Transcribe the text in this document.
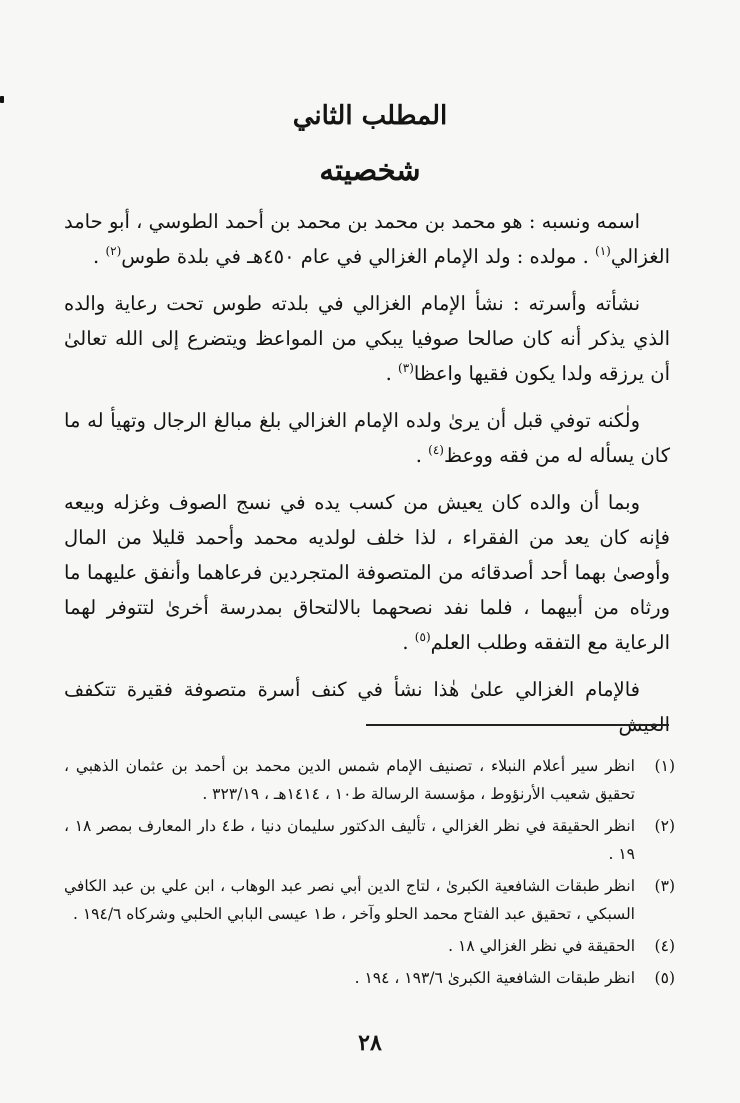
المطلب الثاني
شخصيته

اسمه ونسبه : هو محمد بن محمد بن محمد بن أحمد الطوسي ، أبو حامد الغزالي$^{(١)}$ . مولده : ولد الإمام الغزالي في عام ٤٥٠هـ في بلدة طوس$^{(٢)}$ .

نشأته وأسرته : نشأ الإمام الغزالي في بلدته طوس تحت رعاية والده الذي يذكر أنه كان صالحا صوفيا يبكي من المواعظ ويتضرع إلى الله تعالىٰ أن يرزقه ولدا يكون فقيها واعظا$^{(٣)}$ .

ولٰكنه توفي قبل أن يرىٰ ولده الإمام الغزالي بلغ مبالغ الرجال وتهيأ له ما كان يسأله له من فقه ووعظ$^{(٤)}$ .

وبما أن والده كان يعيش من كسب يده في نسج الصوف وغزله وبيعه فإنه كان يعد من الفقراء ، لذا خلف لولديه محمد وأحمد قليلا من المال وأوصىٰ بهما أحد أصدقائه من المتصوفة المتجردين فرعاهما وأنفق عليهما ما ورثاه من أبيهما ، فلما نفد نصحهما بالالتحاق بمدرسة أخرىٰ لتتوفر لهما الرعاية مع التفقه وطلب العلم$^{(٥)}$ .

فالإمام الغزالي علىٰ هٰذا نشأ في كنف أسرة متصوفة فقيرة تتكفف العيش

(١)
انظر سير أعلام النبلاء ، تصنيف الإمام شمس الدين محمد بن أحمد بن عثمان الذهبي ، تحقيق شعيب الأرنؤوط ، مؤسسة الرسالة ط١٠ ، ١٤١٤هـ ، ٣٢٣/١٩ .
(٢)
انظر الحقيقة في نظر الغزالي ، تأليف الدكتور سليمان دنيا ، ط٤ دار المعارف بمصر ١٨ ، ١٩ .
(٣)
انظر طبقات الشافعية الكبرىٰ ، لتاج الدين أبي نصر عبد الوهاب ، ابن علي بن عبد الكافي السبكي ، تحقيق عبد الفتاح محمد الحلو وآخر ، ط١ عيسى البابي الحلبي وشركاه ١٩٤/٦ .
(٤)
الحقيقة في نظر الغزالي ١٨ .
(٥)
انظر طبقات الشافعية الكبرىٰ ١٩٣/٦ ، ١٩٤ .
٢٨
